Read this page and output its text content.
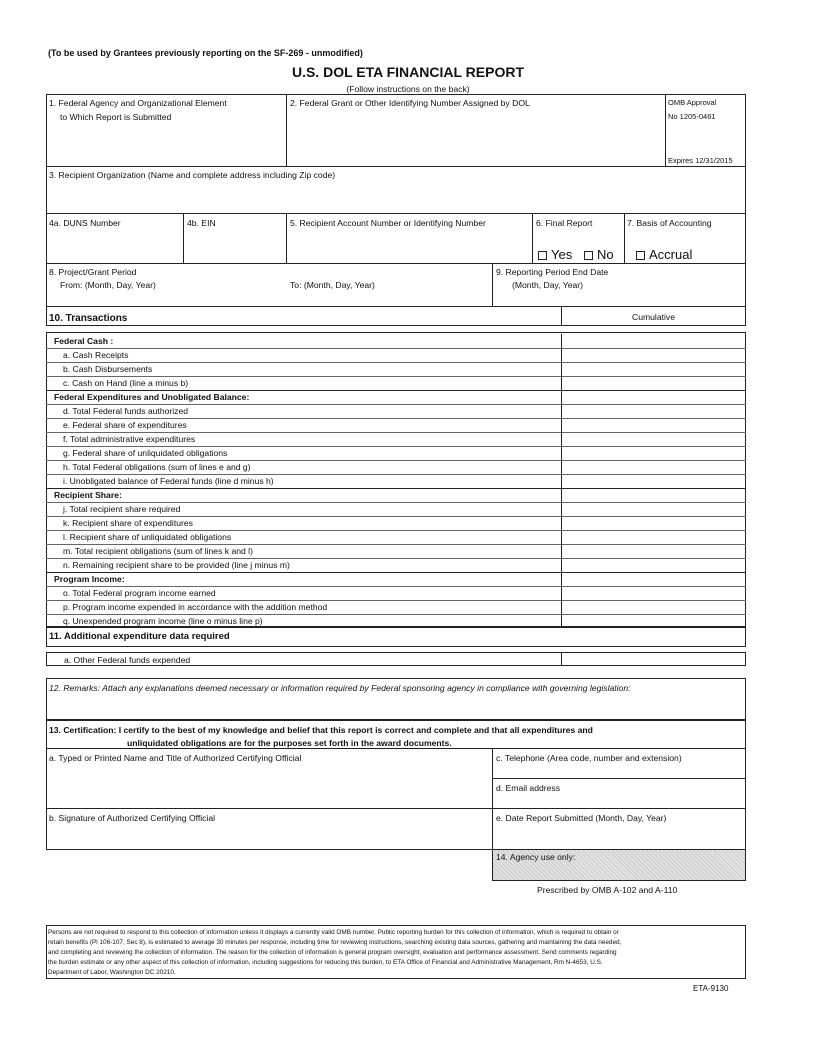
(To be used by Grantees previously reporting on the SF-269 - unmodified)
U.S. DOL ETA FINANCIAL REPORT
(Follow instructions on the back)
1. Federal Agency and Organizational Element
to Which Report is Submitted
2. Federal Grant or Other Identifying Number Assigned by DOL	OMB Approval
No 1205-0461
Expires 12/31/2015
3. Recipient Organization (Name and complete address including Zip code)
4a. DUNS Number	4b. EIN	5. Recipient Account Number or Identifying Number	6. Final Report
Yes	No
7. Basis of Accounting
Accrual
8. Project/Grant Period
From: (Month, Day, Year)	To: (Month, Day, Year)
9. Reporting Period End Date
(Month, Day, Year)
10. Transactions	Cumulative
Federal Cash :
a. Cash Receipts
b. Cash Disbursements
c. Cash on Hand (line a minus b)
Federal Expenditures and Unobligated Balance:
d. Total Federal funds authorized
e. Federal share of expenditures
f. Total administrative expenditures
g. Federal share of unliquidated obligations
h. Total Federal obligations (sum of lines e and g)
i. Unobligated balance of Federal funds (line d minus h)
Recipient Share:
j. Total recipient share required
k. Recipient share of expenditures
l. Recipient share of unliquidated obligations
m. Total recipient obligations (sum of lines k and l)
n. Remaining recipient share to be provided (line j minus m)
Program Income:
o. Total Federal program income earned
p. Program income expended in accordance with the addition method
q. Unexpended program income (line o minus line p)
11. Additional expenditure data required
a. Other Federal funds expended
12. Remarks: Attach any explanations deemed necessary or information required by Federal sponsoring agency in compliance with governing legislation:
13. Certification: I certify to the best of my knowledge and belief that this report is correct and complete and that all expenditures and
unliquidated obligations are for the purposes set forth in the award documents.
a. Typed or Printed Name and Title of Authorized Certifying Official
b. Signature of Authorized Certifying Official
c. Telephone (Area code, number and extension)
d. Email address
e. Date Report Submitted (Month, Day, Year)
14. Agency use only:
Prescribed by OMB A-102 and A-110
Persons are not required to respond to this collection of information unless it displays a currently valid OMB number. Public reporting burden for this collection of information, which is required to obtain or
retain benefits (Pl 106-107, Sec 8), is estimated to average 30 minutes per response, including time for reviewing instructions, searching existing data sources, gathering and maintaining the data needed,
and completing and reviewing the collection of information. The reason for the collection of information is general program oversight, evaluation and performance assessment. Send comments regarding
the burden estimate or any other aspect of this collection of information, including suggestions for reducing this burden, to ETA Office of Financial and Administrative Management, Rm N-4653, U.S.
Department of Labor, Washington DC 20210.
ETA-9130
